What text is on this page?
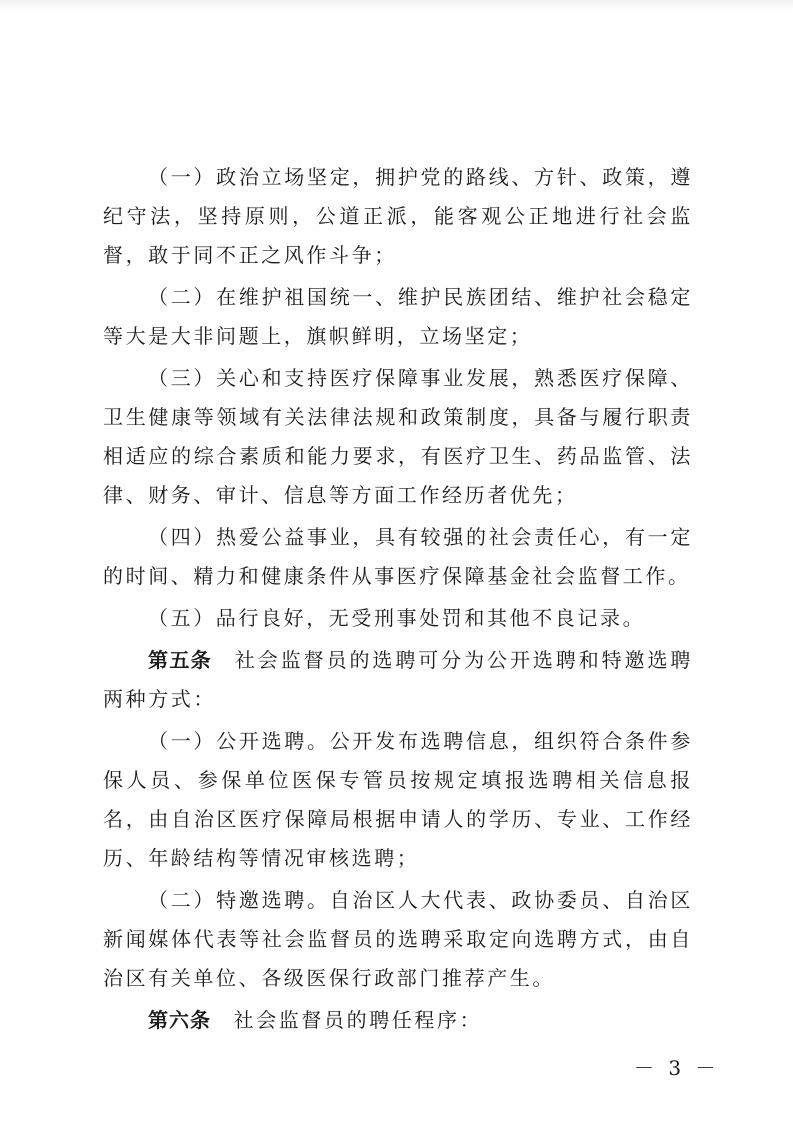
（一）政治立场坚定，拥护党的路线、方针、政策，遵纪守法，坚持原则，公道正派，能客观公正地进行社会监督，敢于同不正之风作斗争；

（二）在维护祖国统一、维护民族团结、维护社会稳定等大是大非问题上，旗帜鲜明，立场坚定；

（三）关心和支持医疗保障事业发展，熟悉医疗保障、卫生健康等领域有关法律法规和政策制度，具备与履行职责相适应的综合素质和能力要求，有医疗卫生、药品监管、法律、财务、审计、信息等方面工作经历者优先；

（四）热爱公益事业，具有较强的社会责任心，有一定的时间、精力和健康条件从事医疗保障基金社会监督工作。

（五）品行良好，无受刑事处罚和其他不良记录。

第五条　社会监督员的选聘可分为公开选聘和特邀选聘两种方式：

（一）公开选聘。公开发布选聘信息，组织符合条件参保人员、参保单位医保专管员按规定填报选聘相关信息报名，由自治区医疗保障局根据申请人的学历、专业、工作经历、年龄结构等情况审核选聘；

（二）特邀选聘。自治区人大代表、政协委员、自治区新闻媒体代表等社会监督员的选聘采取定向选聘方式，由自治区有关单位、各级医保行政部门推荐产生。

第六条　社会监督员的聘任程序：

－ 3 －
